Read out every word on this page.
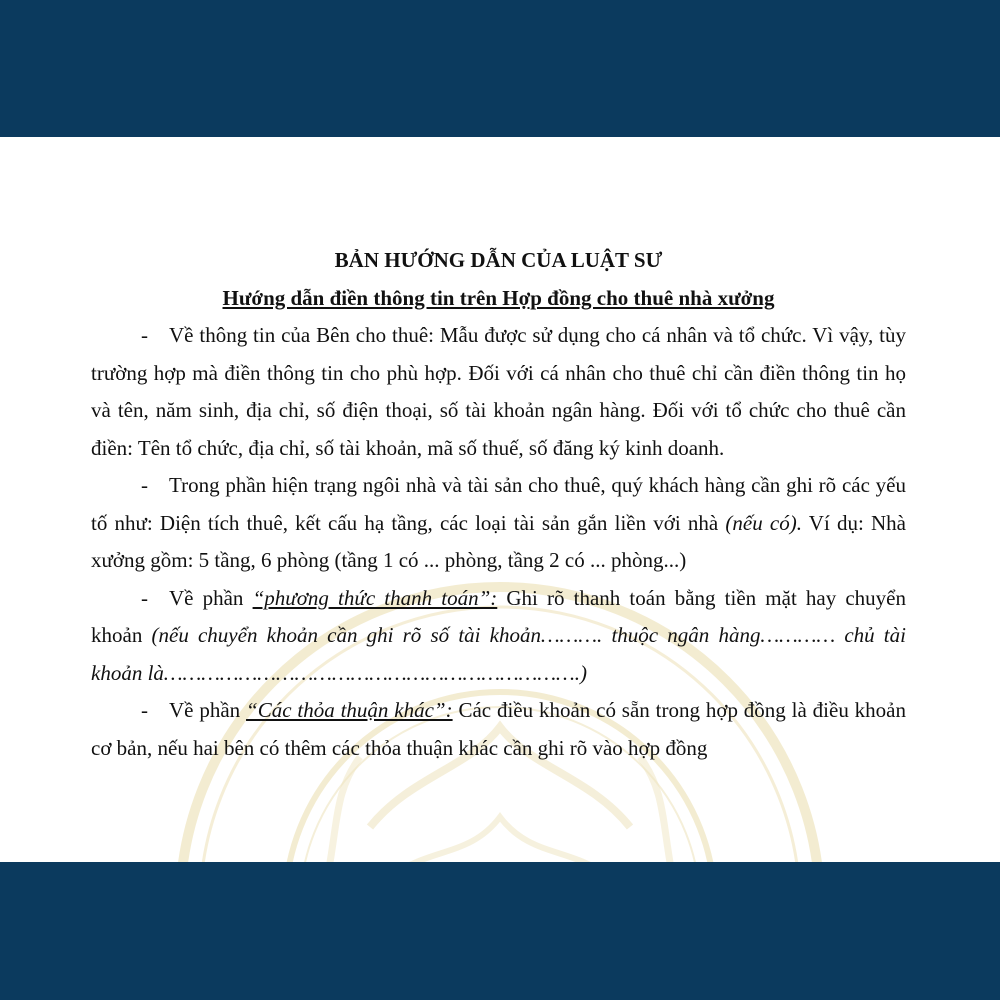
BẢN HƯỚNG DẪN CỦA LUẬT SƯ

Hướng dẫn điền thông tin trên Hợp đồng cho thuê nhà xưởng

- Về thông tin của Bên cho thuê: Mẫu được sử dụng cho cá nhân và tổ chức. Vì vậy, tùy trường hợp mà điền thông tin cho phù hợp. Đối với cá nhân cho thuê chỉ cần điền thông tin họ và tên, năm sinh, địa chỉ, số điện thoại, số tài khoản ngân hàng. Đối với tổ chức cho thuê cần điền: Tên tổ chức, địa chỉ, số tài khoản, mã số thuế, số đăng ký kinh doanh.

- Trong phần hiện trạng ngôi nhà và tài sản cho thuê, quý khách hàng cần ghi rõ các yếu tố như: Diện tích thuê, kết cấu hạ tầng, các loại tài sản gắn liền với nhà (nếu có). Ví dụ: Nhà xưởng gồm: 5 tầng, 6 phòng (tầng 1 có ... phòng, tầng 2 có ... phòng...)

- Về phần “phương thức thanh toán”: Ghi rõ thanh toán bằng tiền mặt hay chuyển khoản (nếu chuyển khoản cần ghi rõ số tài khoản………. thuộc ngân hàng………… chủ tài khoản là………………………………………………………….)

- Về phần “Các thỏa thuận khác”: Các điều khoản có sẵn trong hợp đồng là điều khoản cơ bản, nếu hai bên có thêm các thỏa thuận khác cần ghi rõ vào hợp đồng
